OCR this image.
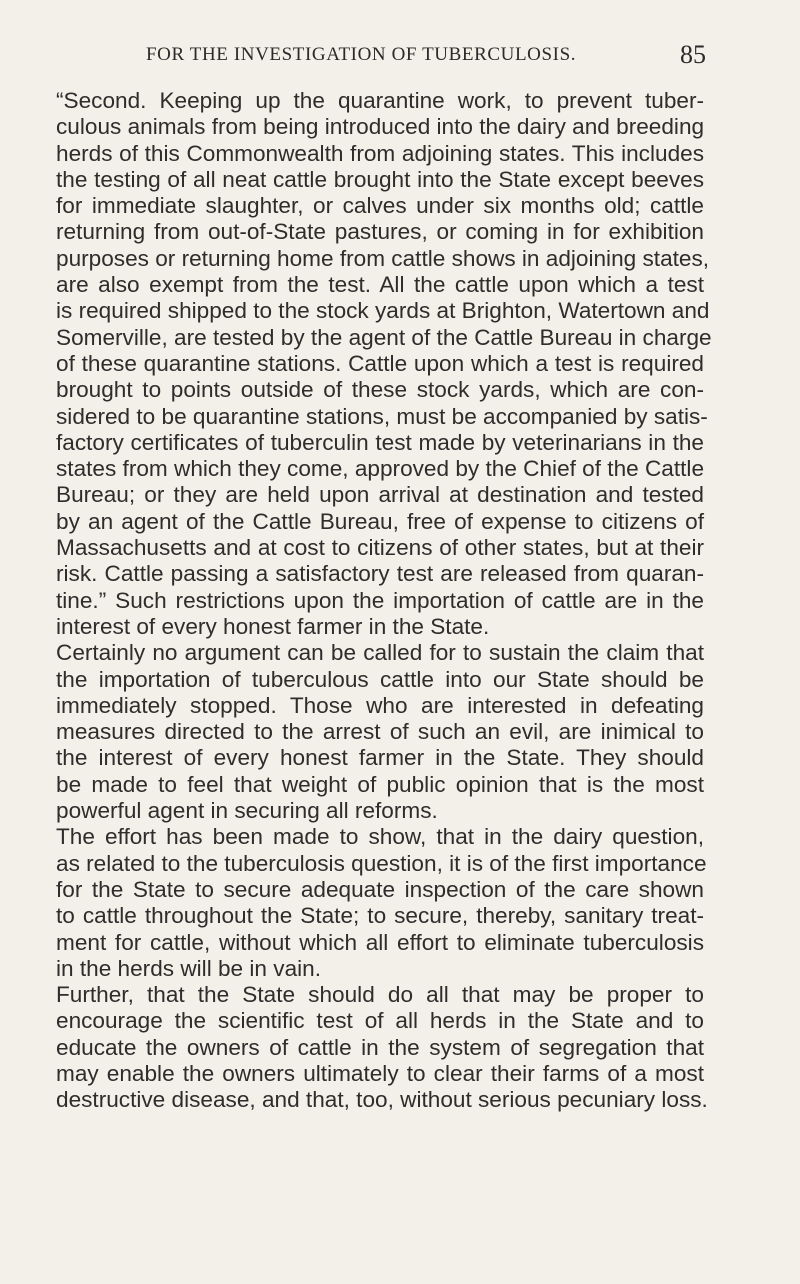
FOR THE INVESTIGATION OF TUBERCULOSIS.	85
“Second. Keeping up the quarantine work, to prevent tuber-
culous animals from being introduced into the dairy and breeding
herds of this Commonwealth from adjoining states. This includes
the testing of all neat cattle brought into the State except beeves
for immediate slaughter, or calves under six months old; cattle
returning from out-of-State pastures, or coming in for exhibition
purposes or returning home from cattle shows in adjoining states,
are also exempt from the test. All the cattle upon which a test
is required shipped to the stock yards at Brighton, Watertown and
Somerville, are tested by the agent of the Cattle Bureau in charge
of these quarantine stations. Cattle upon which a test is required
brought to points outside of these stock yards, which are con-
sidered to be quarantine stations, must be accompanied by satis-
factory certificates of tuberculin test made by veterinarians in the
states from which they come, approved by the Chief of the Cattle
Bureau; or they are held upon arrival at destination and tested
by an agent of the Cattle Bureau, free of expense to citizens of
Massachusetts and at cost to citizens of other states, but at their
risk. Cattle passing a satisfactory test are released from quaran-
tine.” Such restrictions upon the importation of cattle are in the
interest of every honest farmer in the State.
Certainly no argument can be called for to sustain the claim that
the importation of tuberculous cattle into our State should be
immediately stopped. Those who are interested in defeating
measures directed to the arrest of such an evil, are inimical to
the interest of every honest farmer in the State. They should
be made to feel that weight of public opinion that is the most
powerful agent in securing all reforms.
The effort has been made to show, that in the dairy question,
as related to the tuberculosis question, it is of the first importance
for the State to secure adequate inspection of the care shown
to cattle throughout the State; to secure, thereby, sanitary treat-
ment for cattle, without which all effort to eliminate tuberculosis
in the herds will be in vain.
Further, that the State should do all that may be proper to
encourage the scientific test of all herds in the State and to
educate the owners of cattle in the system of segregation that
may enable the owners ultimately to clear their farms of a most
destructive disease, and that, too, without serious pecuniary loss.
